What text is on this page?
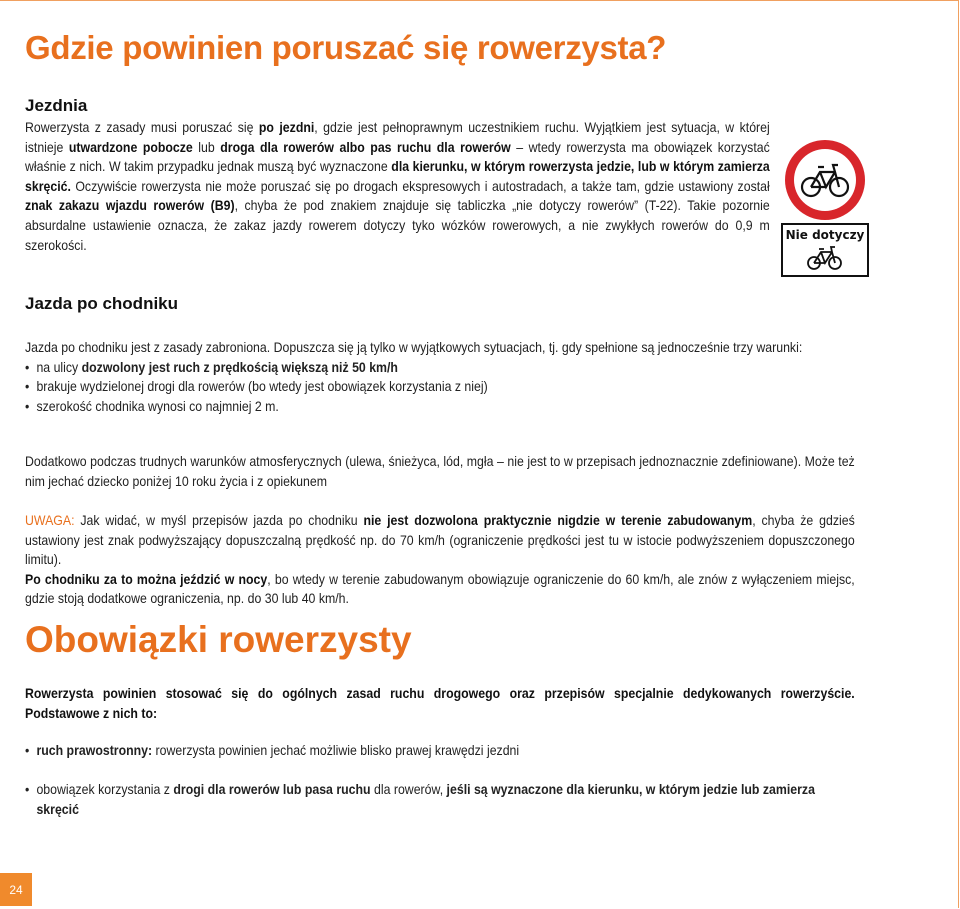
Gdzie powinien poruszać się rowerzysta?
Jezdnia
Rowerzysta z zasady musi poruszać się po jezdni, gdzie jest pełnoprawnym uczestnikiem ruchu. Wyjątkiem jest sytuacja, w której istnieje utwardzone pobocze lub droga dla rowerów albo pas ruchu dla rowerów – wtedy rowerzysta ma obowiązek korzystać właśnie z nich. W takim przypadku jednak muszą być wyznaczone dla kierunku, w którym rowerzysta jedzie, lub w którym zamierza skręcić. Oczywiście rowerzysta nie może poruszać się po drogach ekspresowych i autostradach, a także tam, gdzie ustawiony został znak zakazu wjazdu rowerów (B9), chyba że pod znakiem znajduje się tabliczka „nie dotyczy rowerów” (T-22). Takie pozornie absurdalne ustawienie oznacza, że zakaz jazdy rowerem dotyczy tyko wózków rowerowych, a nie zwykłych rowerów do 0,9 m szerokości.
Nie dotyczy
Jazda po chodniku
Jazda po chodniku jest z zasady zabroniona. Dopuszcza się ją tylko w wyjątkowych sytuacjach, tj. gdy spełnione są jednocześnie trzy warunki:
• na ulicy dozwolony jest ruch z prędkością większą niż 50 km/h
• brakuje wydzielonej drogi dla rowerów (bo wtedy jest obowiązek korzystania z niej)
• szerokość chodnika wynosi co najmniej 2 m.
Dodatkowo podczas trudnych warunków atmosferycznych (ulewa, śnieżyca, lód, mgła – nie jest to w przepisach jednoznacznie zdefiniowane). Może też nim jechać dziecko poniżej 10 roku życia i z opiekunem
UWAGA: Jak widać, w myśl przepisów jazda po chodniku nie jest dozwolona praktycznie nigdzie w terenie zabudowanym, chyba że gdzieś ustawiony jest znak podwyższający dopuszczalną prędkość np. do 70 km/h (ograniczenie prędkości jest tu w istocie podwyższeniem dopuszczonego limitu).
Po chodniku za to można jeździć w nocy, bo wtedy w terenie zabudowanym obowiązuje ograniczenie do 60 km/h, ale znów z wyłączeniem miejsc, gdzie stoją dodatkowe ograniczenia, np. do 30 lub 40 km/h.
Obowiązki rowerzysty
Rowerzysta powinien stosować się do ogólnych zasad ruchu drogowego oraz przepisów specjalnie dedykowanych rowerzyście. Podstawowe z nich to:
• ruch prawostronny: rowerzysta powinien jechać możliwie blisko prawej krawędzi jezdni
• obowiązek korzystania z drogi dla rowerów lub pasa ruchu dla rowerów, jeśli są wyznaczone dla kierunku, w którym jedzie lub zamierza skręcić
24
